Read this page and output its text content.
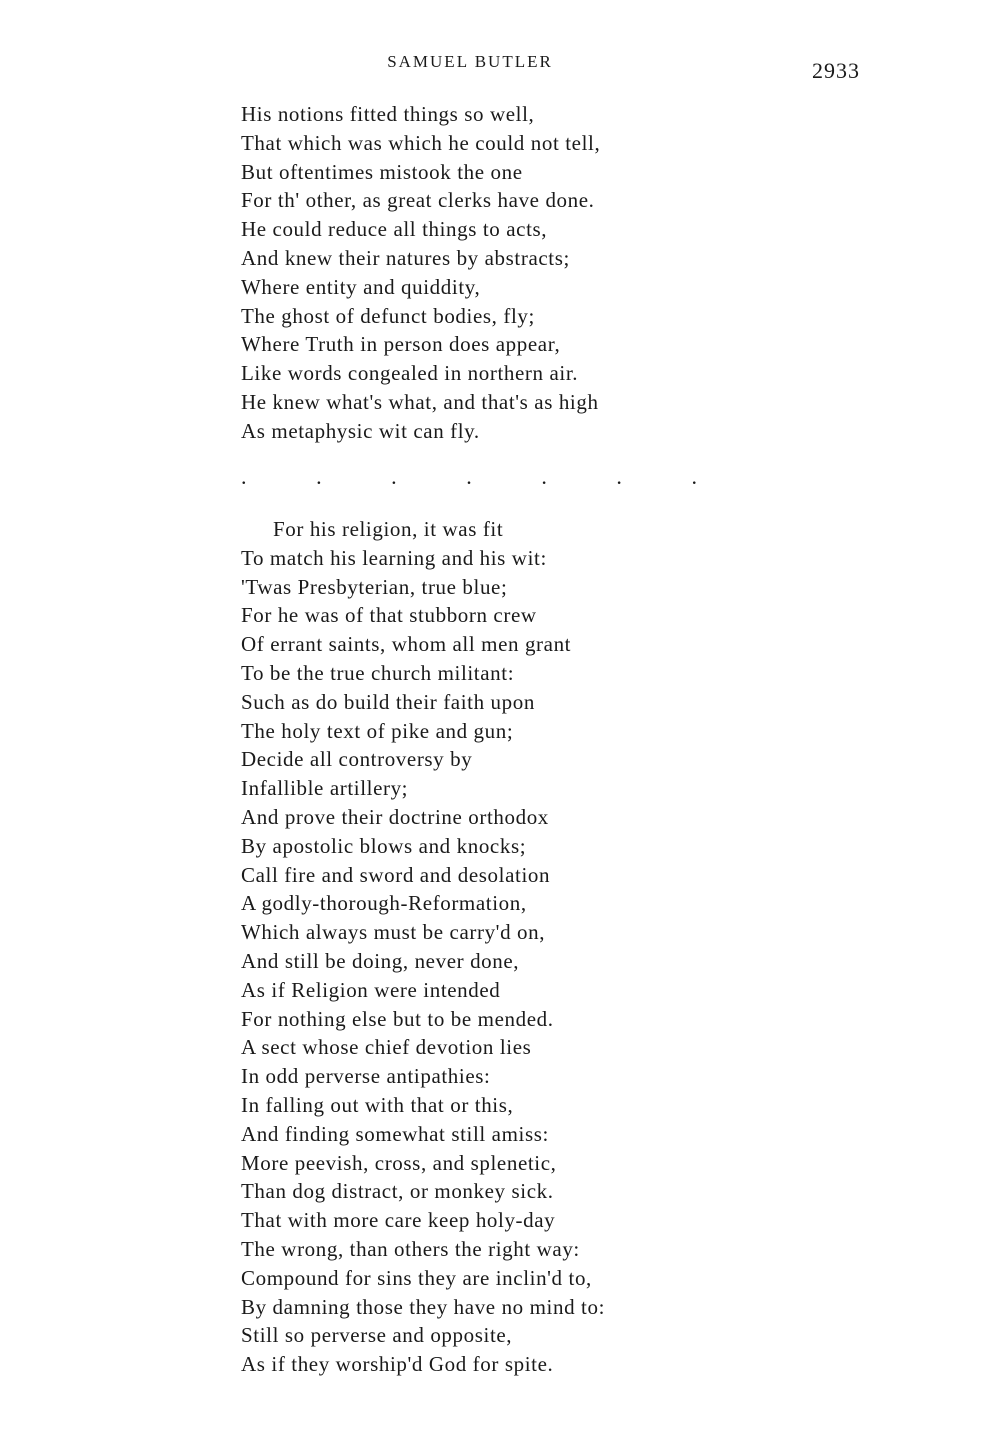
SAMUEL BUTLER	2933
His notions fitted things so well,
That which was which he could not tell,
But oftentimes mistook the one
For th' other, as great clerks have done.
He could reduce all things to acts,
And knew their natures by abstracts;
Where entity and quiddity,
The ghost of defunct bodies, fly;
Where Truth in person does appear,
Like words congealed in northern air.
He knew what's what, and that's as high
As metaphysic wit can fly.
.	.	.	.	.	.	.
For his religion, it was fit
To match his learning and his wit:
'Twas Presbyterian, true blue;
For he was of that stubborn crew
Of errant saints, whom all men grant
To be the true church militant:
Such as do build their faith upon
The holy text of pike and gun;
Decide all controversy by
Infallible artillery;
And prove their doctrine orthodox
By apostolic blows and knocks;
Call fire and sword and desolation
A godly-thorough-Reformation,
Which always must be carry'd on,
And still be doing, never done,
As if Religion were intended
For nothing else but to be mended.
A sect whose chief devotion lies
In odd perverse antipathies:
In falling out with that or this,
And finding somewhat still amiss:
More peevish, cross, and splenetic,
Than dog distract, or monkey sick.
That with more care keep holy-day
The wrong, than others the right way:
Compound for sins they are inclin'd to,
By damning those they have no mind to:
Still so perverse and opposite,
As if they worship'd God for spite.
